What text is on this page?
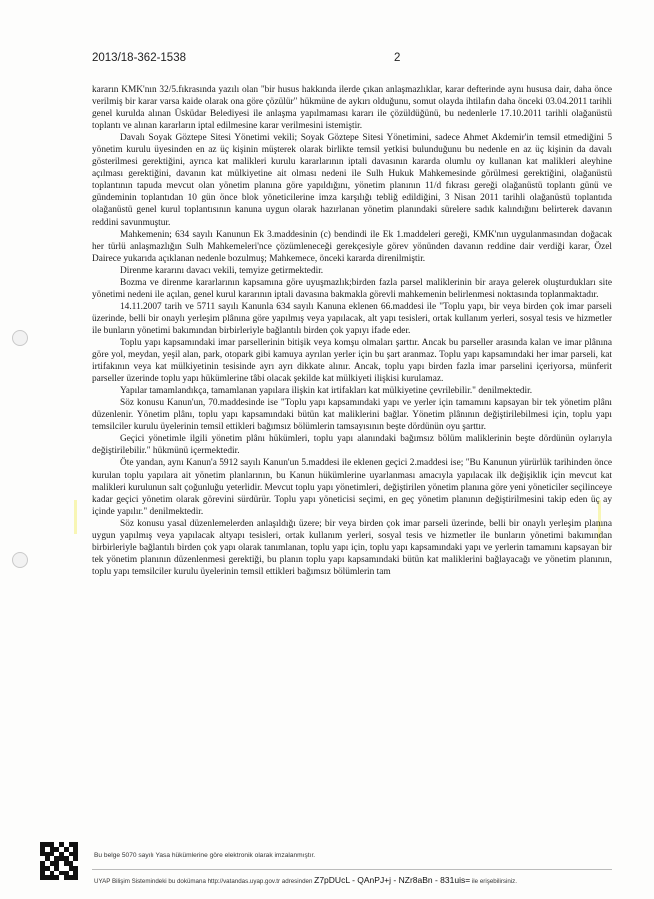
2013/18-362-1538	2

kararın KMK'nın 32/5.fıkrasında yazılı olan "bir husus hakkında ilerde çıkan anlaşmazlıklar, karar defterinde aynı hususa dair, daha önce verilmiş bir karar varsa kaide olarak ona göre çözülür" hükmüne de aykırı olduğunu, somut olayda ihtilafın daha önceki 03.04.2011 tarihli genel kurulda alınan Üsküdar Belediyesi ile anlaşma yapılmaması kararı ile çözüldüğünü, bu nedenlerle 17.10.2011 tarihli olağanüstü toplantı ve alınan kararların iptal edilmesine karar verilmesini istemiştir.

Davalı Soyak Göztepe Sitesi Yönetimi vekili; Soyak Göztepe Sitesi Yönetimini, sadece Ahmet Akdemir'in temsil etmediğini 5 yönetim kurulu üyesinden en az üç kişinin müşterek olarak birlikte temsil yetkisi bulunduğunu bu nedenle en az üç kişinin da davalı gösterilmesi gerektiğini, ayrıca kat malikleri kurulu kararlarının iptali davasının kararda olumlu oy kullanan kat malikleri aleyhine açılması gerektiğini, davanın kat mülkiyetine ait olması nedeni ile Sulh Hukuk Mahkemesinde görülmesi gerektiğini, olağanüstü toplantının tapuda mevcut olan yönetim planına göre yapıldığını, yönetim planının 11/d fıkrası gereği olağanüstü toplantı günü ve gündeminin toplantıdan 10 gün önce blok yöneticilerine imza karşılığı tebliğ edildiğini, 3 Nisan 2011 tarihli olağanüstü toplantıda olağanüstü genel kurul toplantısının kanuna uygun olarak hazırlanan yönetim planındaki sürelere sadık kalındığını belirterek davanın reddini savunmuştur.

Mahkemenin; 634 sayılı Kanunun Ek 3.maddesinin (c) bendindi ile Ek 1.maddeleri gereği, KMK'nın uygulanmasından doğacak her türlü anlaşmazlığın Sulh Mahkemeleri'nce çözümleneceği gerekçesiyle görev yönünden davanın reddine dair verdiği karar, Özel Dairece yukarıda açıklanan nedenle bozulmuş; Mahkemece, önceki kararda direnilmiştir.

Direnme kararını davacı vekili, temyize getirmektedir.

Bozma ve direnme kararlarının kapsamına göre uyuşmazlık;birden fazla parsel maliklerinin bir araya gelerek oluşturdukları site yönetimi nedeni ile açılan, genel kurul kararının iptali davasına bakmakla görevli mahkemenin belirlenmesi noktasında toplanmaktadır.

14.11.2007 tarih ve 5711 sayılı Kanunla 634 sayılı Kanuna eklenen 66.maddesi ile "Toplu yapı, bir veya birden çok imar parseli üzerinde, belli bir onaylı yerleşim plânına göre yapılmış veya yapılacak, alt yapı tesisleri, ortak kullanım yerleri, sosyal tesis ve hizmetler ile bunların yönetimi bakımından birbirleriyle bağlantılı birden çok yapıyı ifade eder.

Toplu yapı kapsamındaki imar parsellerinin bitişik veya komşu olmaları şarttır. Ancak bu parseller arasında kalan ve imar plânına göre yol, meydan, yeşil alan, park, otopark gibi kamuya ayrılan yerler için bu şart aranmaz. Toplu yapı kapsamındaki her imar parseli, kat irtifakının veya kat mülkiyetinin tesisinde ayrı ayrı dikkate alınır. Ancak, toplu yapı birden fazla imar parselini içeriyorsa, münferit parseller üzerinde toplu yapı hükümlerine tâbi olacak şekilde kat mülkiyeti ilişkisi kurulamaz.

Yapılar tamamlandıkça, tamamlanan yapılara ilişkin kat irtifakları kat mülkiyetine çevrilebilir." denilmektedir.

Söz konusu Kanun'un, 70.maddesinde ise "Toplu yapı kapsamındaki yapı ve yerler için tamamını kapsayan bir tek yönetim plânı düzenlenir. Yönetim plânı, toplu yapı kapsamındaki bütün kat maliklerini bağlar. Yönetim plânının değiştirilebilmesi için, toplu yapı temsilciler kurulu üyelerinin temsil ettikleri bağımsız bölümlerin tamsayısının beşte dördünün oyu şarttır.

Geçici yönetimle ilgili yönetim plânı hükümleri, toplu yapı alanındaki bağımsız bölüm maliklerinin beşte dördünün oylarıyla değiştirilebilir." hükmünü içermektedir.

Öte yandan, aynı Kanun'a 5912 sayılı Kanun'un 5.maddesi ile eklenen geçici 2.maddesi ise; "Bu Kanunun yürürlük tarihinden önce kurulan toplu yapılara ait yönetim planlarının, bu Kanun hükümlerine uyarlanması amacıyla yapılacak ilk değişiklik için mevcut kat malikleri kurulunun salt çoğunluğu yeterlidir. Mevcut toplu yapı yönetimleri, değiştirilen yönetim planına göre yeni yöneticiler seçilinceye kadar geçici yönetim olarak görevini sürdürür. Toplu yapı yöneticisi seçimi, en geç yönetim planının değiştirilmesini takip eden üç ay içinde yapılır." denilmektedir.

Söz konusu yasal düzenlemelerden anlaşıldığı üzere; bir veya birden çok imar parseli üzerinde, belli bir onaylı yerleşim planına uygun yapılmış veya yapılacak altyapı tesisleri, ortak kullanım yerleri, sosyal tesis ve hizmetler ile bunların yönetimi bakımından birbirleriyle bağlantılı birden çok yapı olarak tanımlanan, toplu yapı için, toplu yapı kapsamındaki yapı ve yerlerin tamamını kapsayan bir tek yönetim planının düzenlenmesi gerektiği, bu planın toplu yapı kapsamındaki bütün kat maliklerini bağlayacağı ve yönetim planının, toplu yapı temsilciler kurulu üyelerinin temsil ettikleri bağımsız bölümlerin tam

Bu belge 5070 sayılı Yasa hükümlerine göre elektronik olarak imzalanmıştır.
UYAP Bilişim Sistemindeki bu dokümana http://vatandas.uyap.gov.tr adresinden Z7pDUcL - QAnPJ+j - NZr8aBn - 831uis= ile erişebilirsiniz.
